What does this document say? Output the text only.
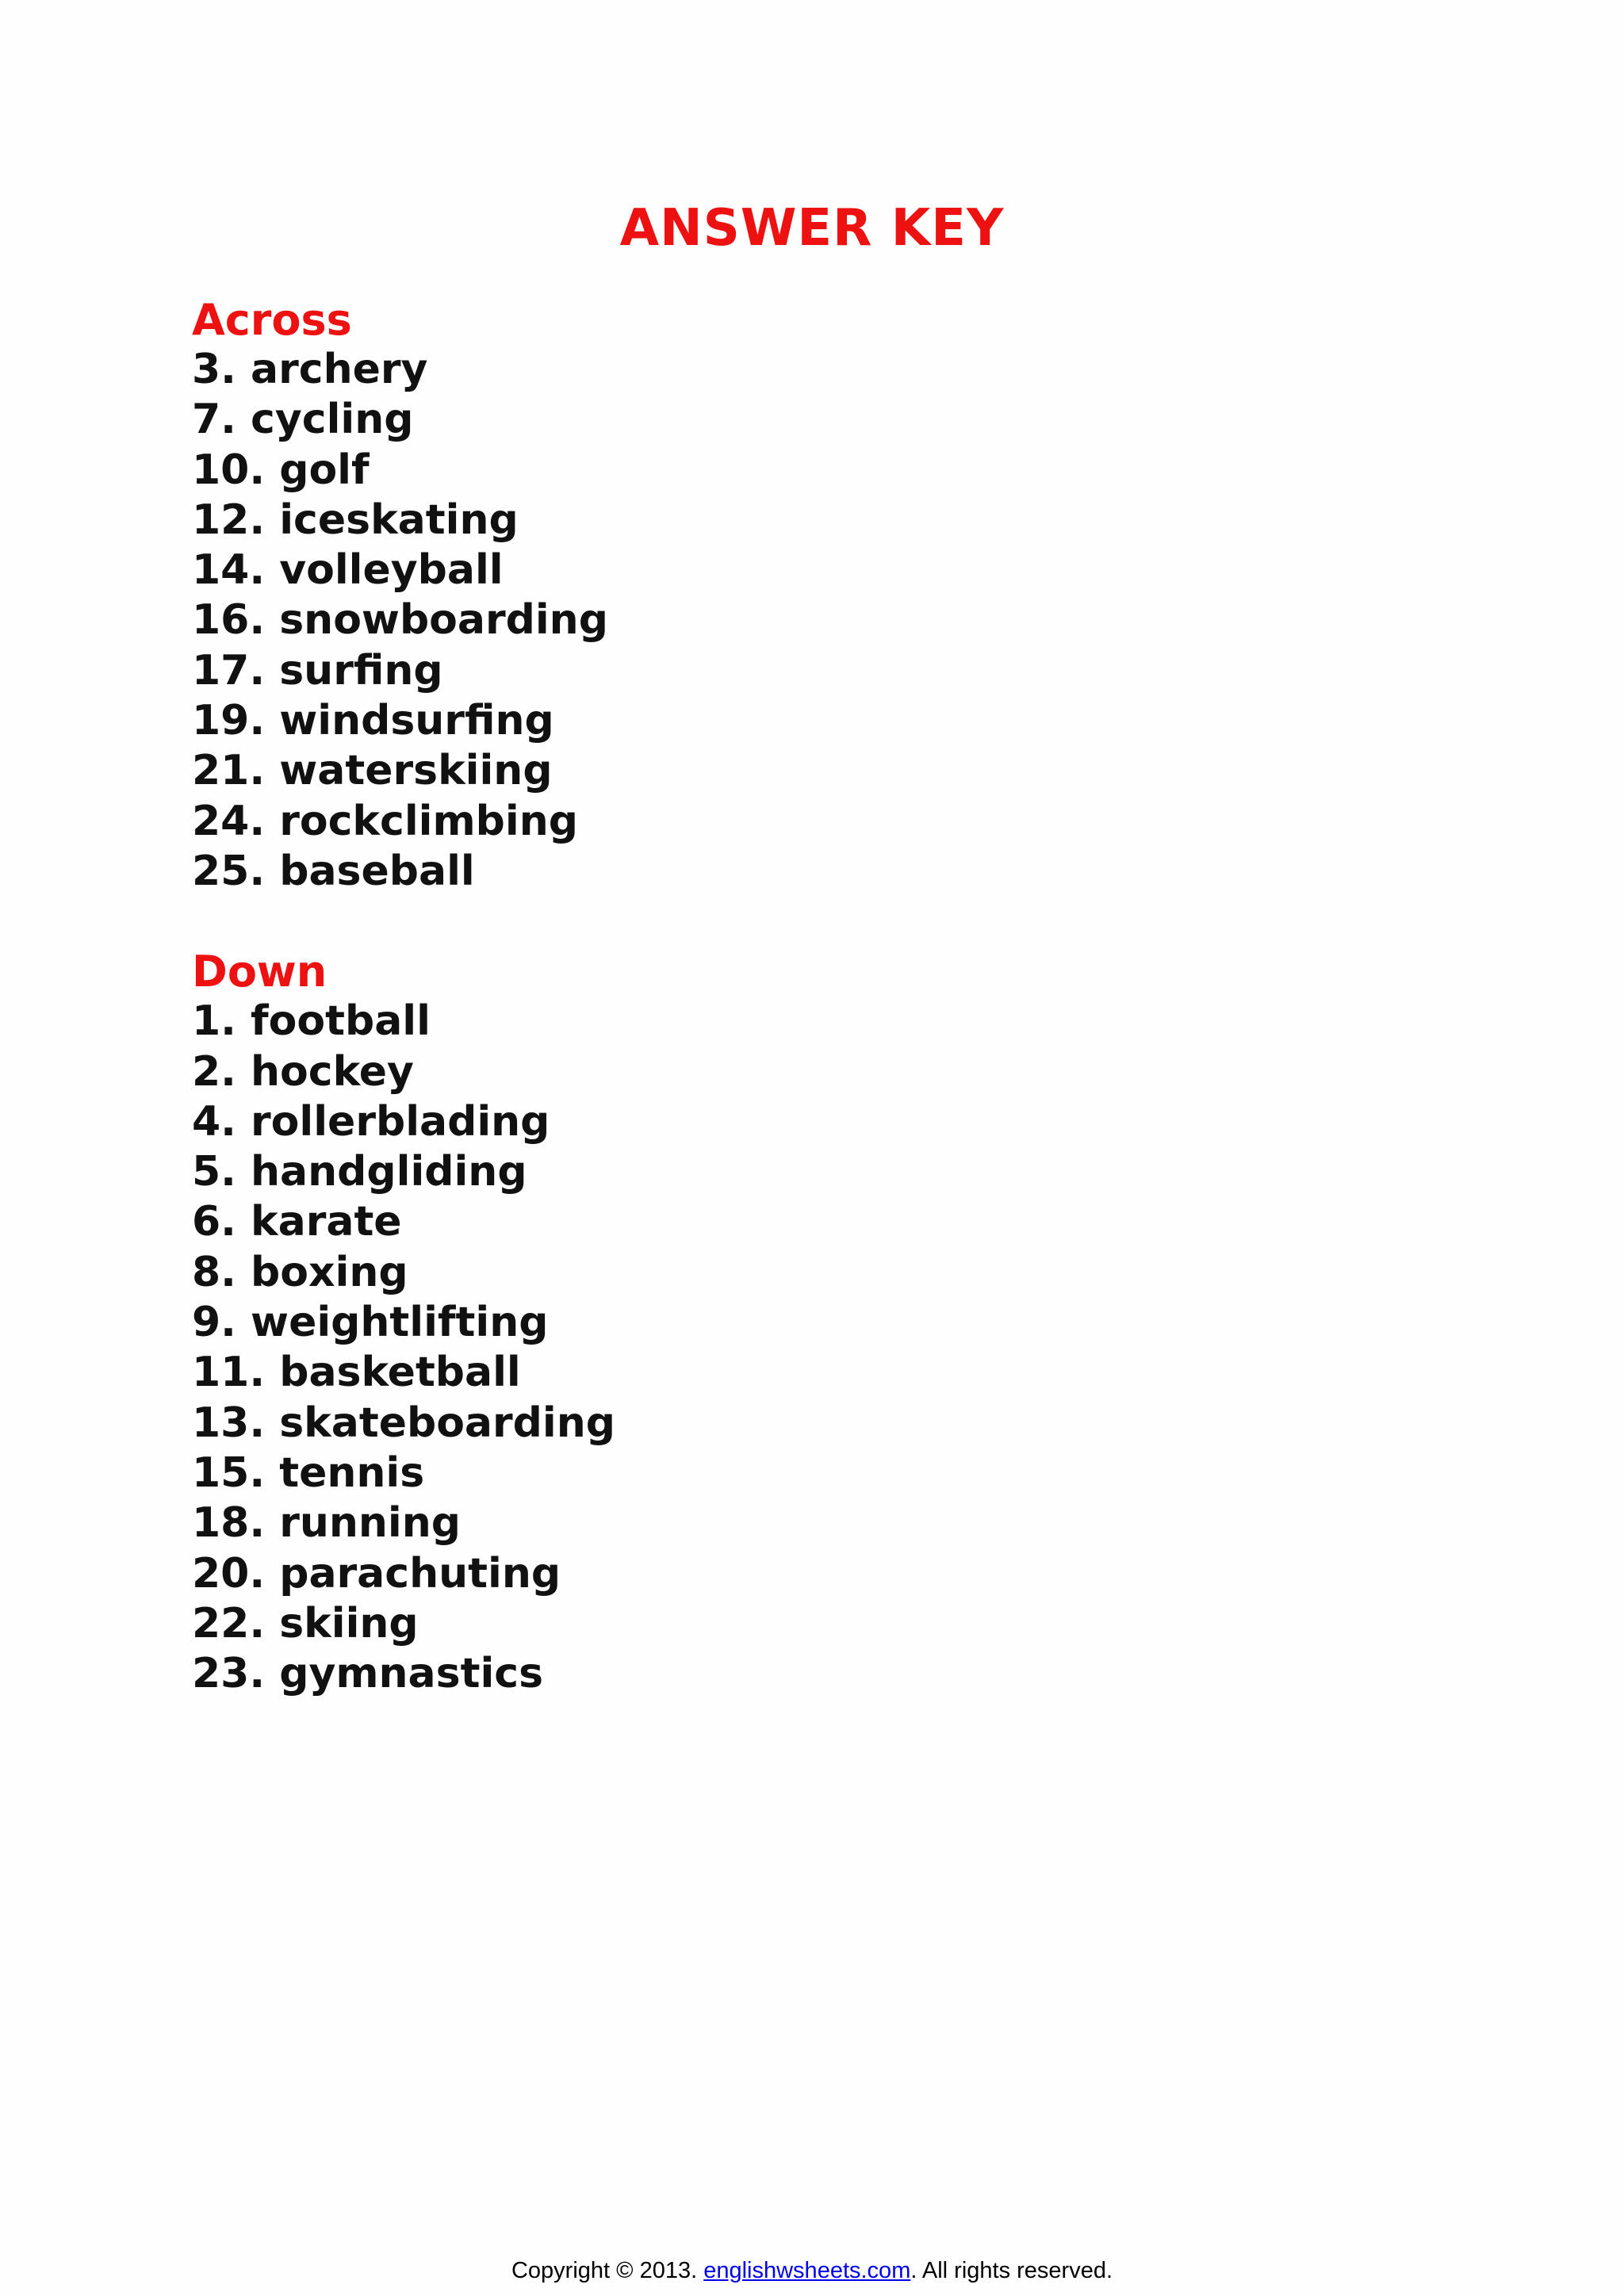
ANSWER KEY
Across
3. archery
7. cycling
10. golf
12. iceskating
14. volleyball
16. snowboarding
17. surfing
19. windsurfing
21. waterskiing
24. rockclimbing
25. baseball
Down
1. football
2. hockey
4. rollerblading
5. handgliding
6. karate
8. boxing
9. weightlifting
11. basketball
13. skateboarding
15. tennis
18. running
20. parachuting
22. skiing
23. gymnastics
Copyright © 2013. englishwsheets.com. All rights reserved.
